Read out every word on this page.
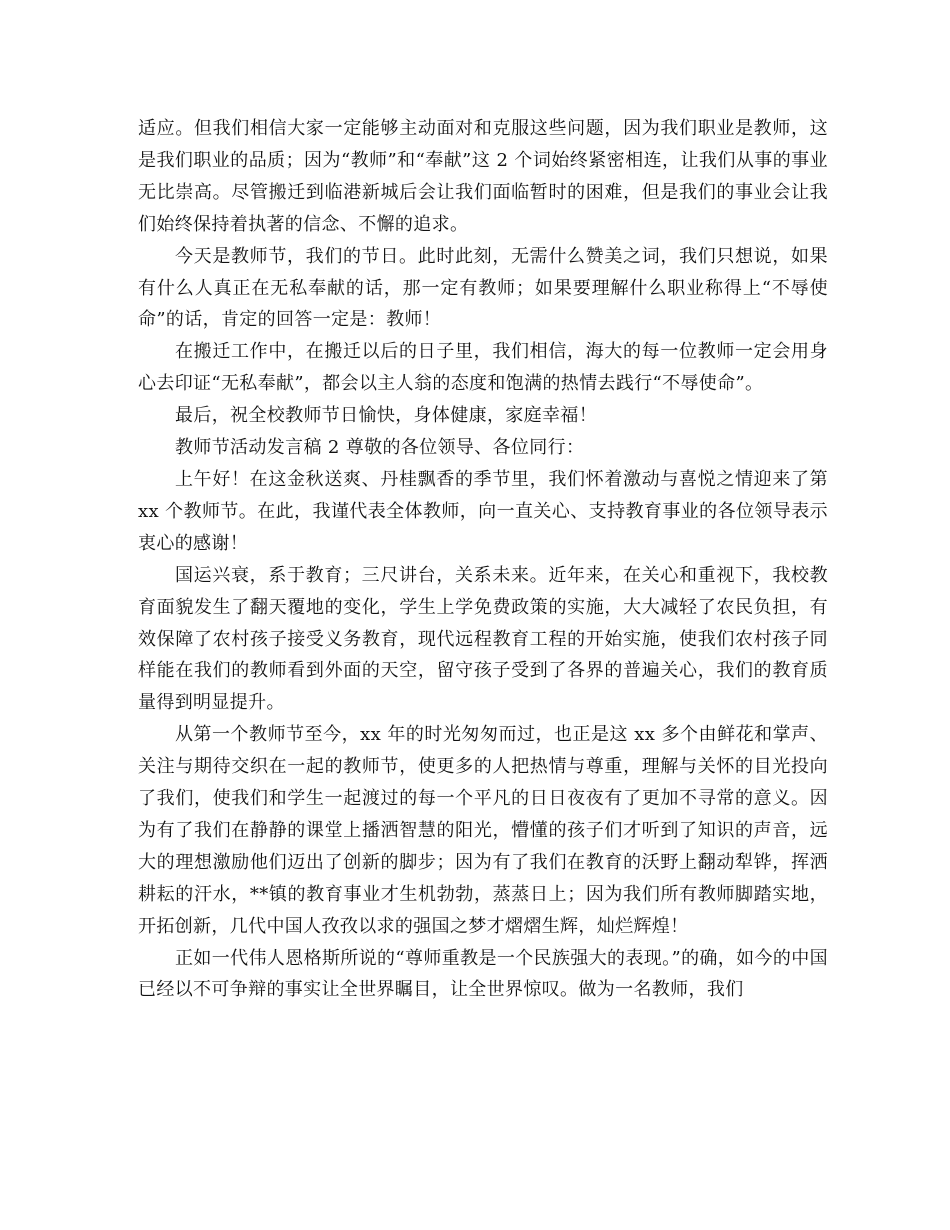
适应。但我们相信大家一定能够主动面对和克服这些问题，因为我们职业是教师，这是我们职业的品质；因为“教师”和“奉献”这 2 个词始终紧密相连，让我们从事的事业无比崇高。尽管搬迁到临港新城后会让我们面临暂时的困难，但是我们的事业会让我们始终保持着执著的信念、不懈的追求。

今天是教师节，我们的节日。此时此刻，无需什么赞美之词，我们只想说，如果有什么人真正在无私奉献的话，那一定有教师；如果要理解什么职业称得上“不辱使命”的话，肯定的回答一定是：教师！

在搬迁工作中，在搬迁以后的日子里，我们相信，海大的每一位教师一定会用身心去印证“无私奉献”，都会以主人翁的态度和饱满的热情去践行“不辱使命”。

最后，祝全校教师节日愉快，身体健康，家庭幸福！

教师节活动发言稿 2 尊敬的各位领导、各位同行：

上午好！在这金秋送爽、丹桂飘香的季节里，我们怀着激动与喜悦之情迎来了第 xx 个教师节。在此，我谨代表全体教师，向一直关心、支持教育事业的各位领导表示衷心的感谢！

国运兴衰，系于教育；三尺讲台，关系未来。近年来，在关心和重视下，我校教育面貌发生了翻天覆地的变化，学生上学免费政策的实施，大大减轻了农民负担，有效保障了农村孩子接受义务教育，现代远程教育工程的开始实施，使我们农村孩子同样能在我们的教师看到外面的天空，留守孩子受到了各界的普遍关心，我们的教育质量得到明显提升。

从第一个教师节至今，xx 年的时光匆匆而过，也正是这 xx 多个由鲜花和掌声、关注与期待交织在一起的教师节，使更多的人把热情与尊重，理解与关怀的目光投向了我们，使我们和学生一起渡过的每一个平凡的日日夜夜有了更加不寻常的意义。因为有了我们在静静的课堂上播洒智慧的阳光，懵懂的孩子们才听到了知识的声音，远大的理想激励他们迈出了创新的脚步；因为有了我们在教育的沃野上翻动犁铧，挥洒耕耘的汗水，**镇的教育事业才生机勃勃，蒸蒸日上；因为我们所有教师脚踏实地，开拓创新，几代中国人孜孜以求的强国之梦才熠熠生辉，灿烂辉煌！

正如一代伟人恩格斯所说的“尊师重教是一个民族强大的表现。”的确，如今的中国已经以不可争辩的事实让全世界瞩目，让全世界惊叹。做为一名教师，我们
